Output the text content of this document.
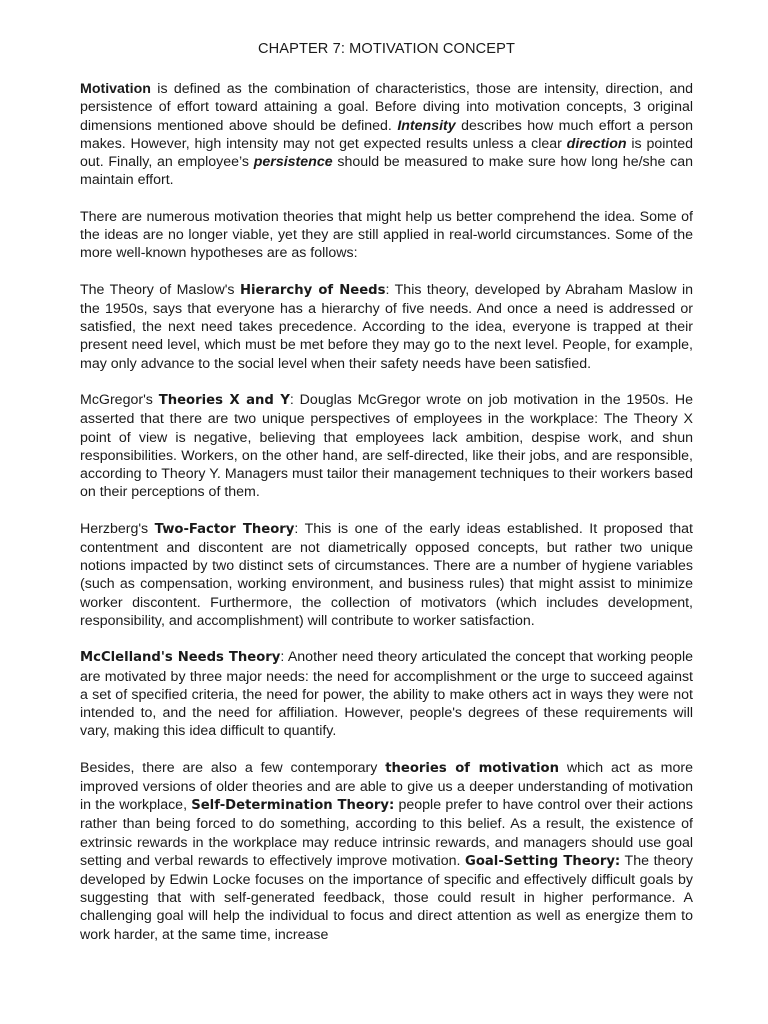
CHAPTER 7: MOTIVATION CONCEPT

Motivation is defined as the combination of characteristics, those are intensity, direction, and persistence of effort toward attaining a goal. Before diving into motivation concepts, 3 original dimensions mentioned above should be defined. Intensity describes how much effort a person makes. However, high intensity may not get expected results unless a clear direction is pointed out. Finally, an employee’s persistence should be measured to make sure how long he/she can maintain effort.

There are numerous motivation theories that might help us better comprehend the idea. Some of the ideas are no longer viable, yet they are still applied in real-world circumstances. Some of the more well-known hypotheses are as follows:

The Theory of Maslow's Hierarchy of Needs: This theory, developed by Abraham Maslow in the 1950s, says that everyone has a hierarchy of five needs. And once a need is addressed or satisfied, the next need takes precedence. According to the idea, everyone is trapped at their present need level, which must be met before they may go to the next level. People, for example, may only advance to the social level when their safety needs have been satisfied.

McGregor's Theories X and Y: Douglas McGregor wrote on job motivation in the 1950s. He asserted that there are two unique perspectives of employees in the workplace: The Theory X point of view is negative, believing that employees lack ambition, despise work, and shun responsibilities. Workers, on the other hand, are self-directed, like their jobs, and are responsible, according to Theory Y. Managers must tailor their management techniques to their workers based on their perceptions of them.

Herzberg's Two-Factor Theory: This is one of the early ideas established. It proposed that contentment and discontent are not diametrically opposed concepts, but rather two unique notions impacted by two distinct sets of circumstances. There are a number of hygiene variables (such as compensation, working environment, and business rules) that might assist to minimize worker discontent. Furthermore, the collection of motivators (which includes development, responsibility, and accomplishment) will contribute to worker satisfaction.

McClelland's Needs Theory: Another need theory articulated the concept that working people are motivated by three major needs: the need for accomplishment or the urge to succeed against a set of specified criteria, the need for power, the ability to make others act in ways they were not intended to, and the need for affiliation. However, people's degrees of these requirements will vary, making this idea difficult to quantify.

Besides, there are also a few contemporary theories of motivation which act as more improved versions of older theories and are able to give us a deeper understanding of motivation in the workplace, Self-Determination Theory: people prefer to have control over their actions rather than being forced to do something, according to this belief. As a result, the existence of extrinsic rewards in the workplace may reduce intrinsic rewards, and managers should use goal setting and verbal rewards to effectively improve motivation. Goal-Setting Theory: The theory developed by Edwin Locke focuses on the importance of specific and effectively difficult goals by suggesting that with self-generated feedback, those could result in higher performance. A challenging goal will help the individual to focus and direct attention as well as energize them to work harder, at the same time, increase
